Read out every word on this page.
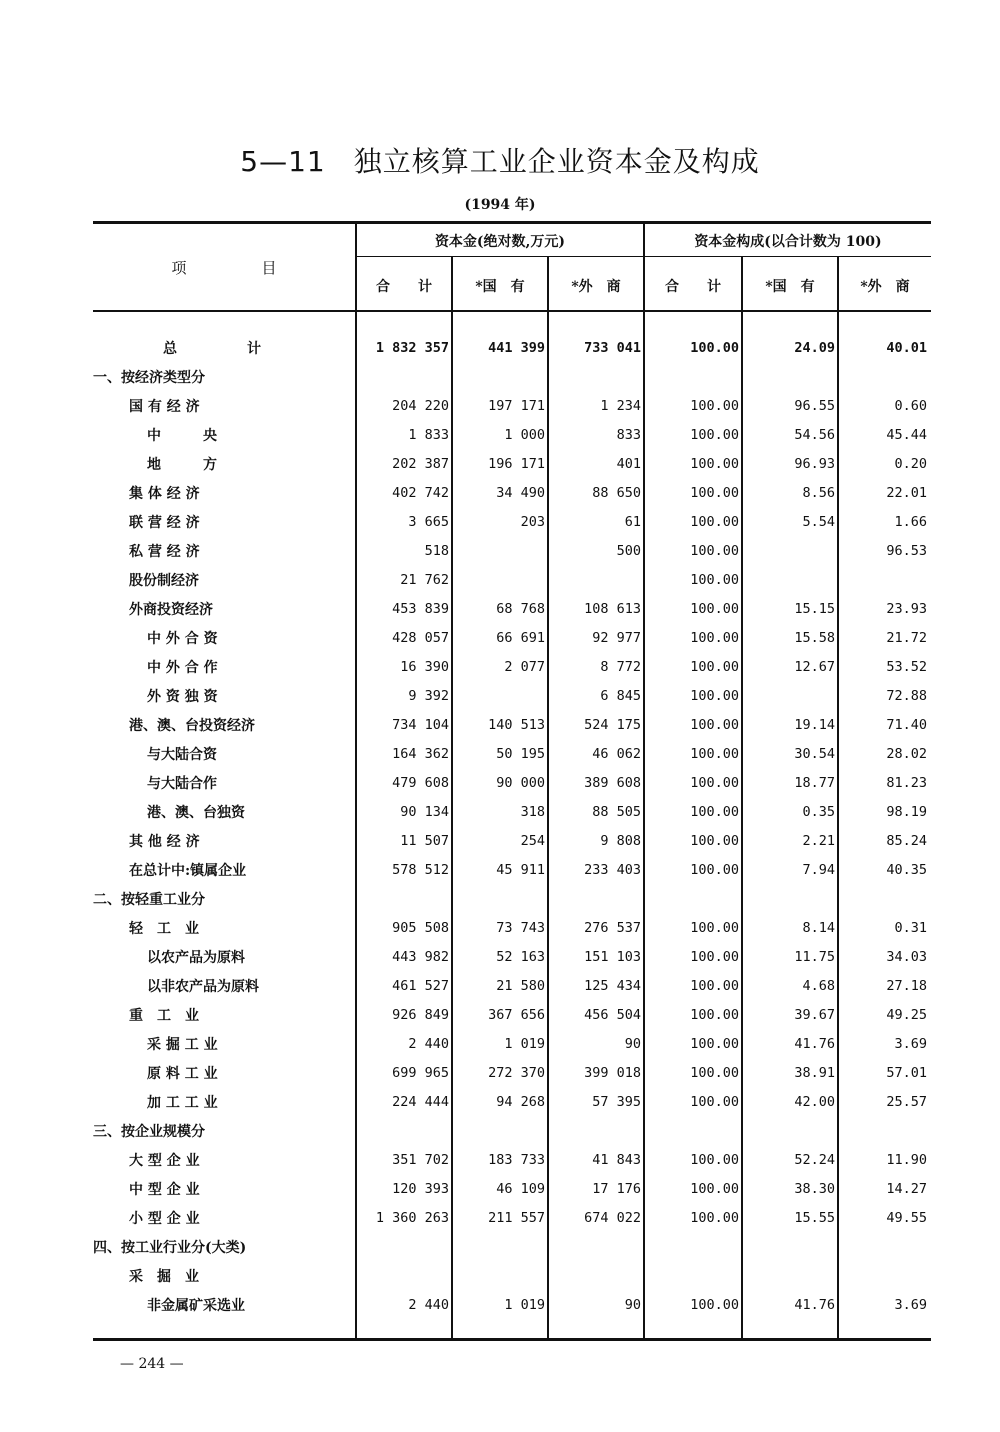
5—11 独立核算工业企业资本金及构成
(1994 年)
项　　　　　目
资本金(绝对数,万元)	资本金构成(以合计数为 100)
合　　计	*国　有	*外　商	合　　计	*国　有	*外　商
总　　　　　计	1 832 357	441 399	733 041	100.00	24.09	40.01
一、按经济类型分						
国 有 经 济	204 220	197 171	1 234	100.00	96.55	0.60
中　　　央	1 833	1 000	833	100.00	54.56	45.44
地　　　方	202 387	196 171	401	100.00	96.93	0.20
集 体 经 济	402 742	34 490	88 650	100.00	8.56	22.01
联 营 经 济	3 665	203	61	100.00	5.54	1.66
私 营 经 济	518		500	100.00		96.53
股份制经济	21 762			100.00		
外商投资经济	453 839	68 768	108 613	100.00	15.15	23.93
中 外 合 资	428 057	66 691	92 977	100.00	15.58	21.72
中 外 合 作	16 390	2 077	8 772	100.00	12.67	53.52
外 资 独 资	9 392		6 845	100.00		72.88
港、澳、台投资经济	734 104	140 513	524 175	100.00	19.14	71.40
与大陆合资	164 362	50 195	46 062	100.00	30.54	28.02
与大陆合作	479 608	90 000	389 608	100.00	18.77	81.23
港、澳、台独资	90 134	318	88 505	100.00	0.35	98.19
其 他 经 济	11 507	254	9 808	100.00	2.21	85.24
在总计中:镇属企业	578 512	45 911	233 403	100.00	7.94	40.35
二、按轻重工业分						
轻　工　业	905 508	73 743	276 537	100.00	8.14	0.31
以农产品为原料	443 982	52 163	151 103	100.00	11.75	34.03
以非农产品为原料	461 527	21 580	125 434	100.00	4.68	27.18
重　工　业	926 849	367 656	456 504	100.00	39.67	49.25
采 掘 工 业	2 440	1 019	90	100.00	41.76	3.69
原 料 工 业	699 965	272 370	399 018	100.00	38.91	57.01
加 工 工 业	224 444	94 268	57 395	100.00	42.00	25.57
三、按企业规模分						
大 型 企 业	351 702	183 733	41 843	100.00	52.24	11.90
中 型 企 业	120 393	46 109	17 176	100.00	38.30	14.27
小 型 企 业	1 360 263	211 557	674 022	100.00	15.55	49.55
四、按工业行业分(大类)						
采　掘　业						
非金属矿采选业	2 440	1 019	90	100.00	41.76	3.69
— 244 —
